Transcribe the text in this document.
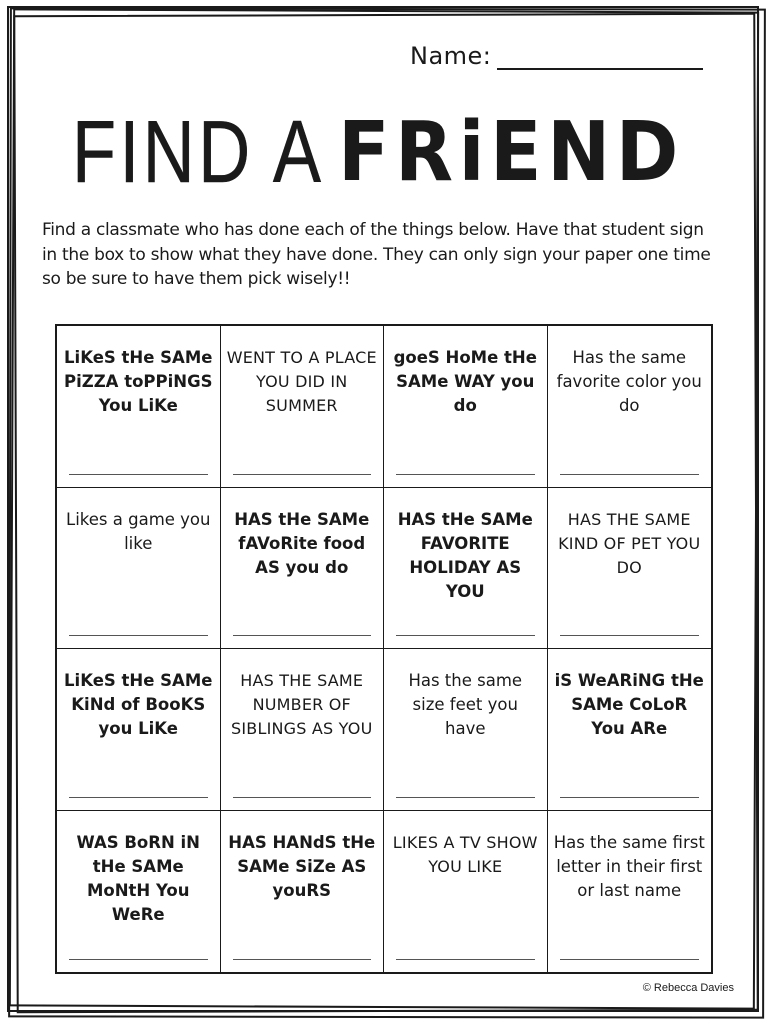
Name:
FIND A FRiEND
Find a classmate who has done each of the things below. Have that student sign in the box to show what they have done. They can only sign your paper one time so be sure to have them pick wisely!!
LiKeS tHe SAMe PiZZA toPPiNGS You LiKe
WENT TO A PLACE YOU DID IN SUMMER
goeS HoMe tHe SAMe WAY you do
Has the same favorite color you do
Likes a game you like
HAS tHe SAMe fAVoRite food AS you do
HAS tHe SAMe FAVORITE HOLIDAY AS YOU
HAS THE SAME KIND OF PET YOU DO
LiKeS tHe SAMe KiNd of BooKS you LiKe
HAS THE SAME NUMBER OF SIBLINGS AS YOU
Has the same size feet you have
iS WeARiNG tHe SAMe CoLoR You ARe
WAS BoRN iN tHe SAMe MoNtH You WeRe
HAS HANdS tHe SAMe SiZe AS youRS
LIKES A TV SHOW YOU LIKE
Has the same first letter in their first or last name
© Rebecca Davies
